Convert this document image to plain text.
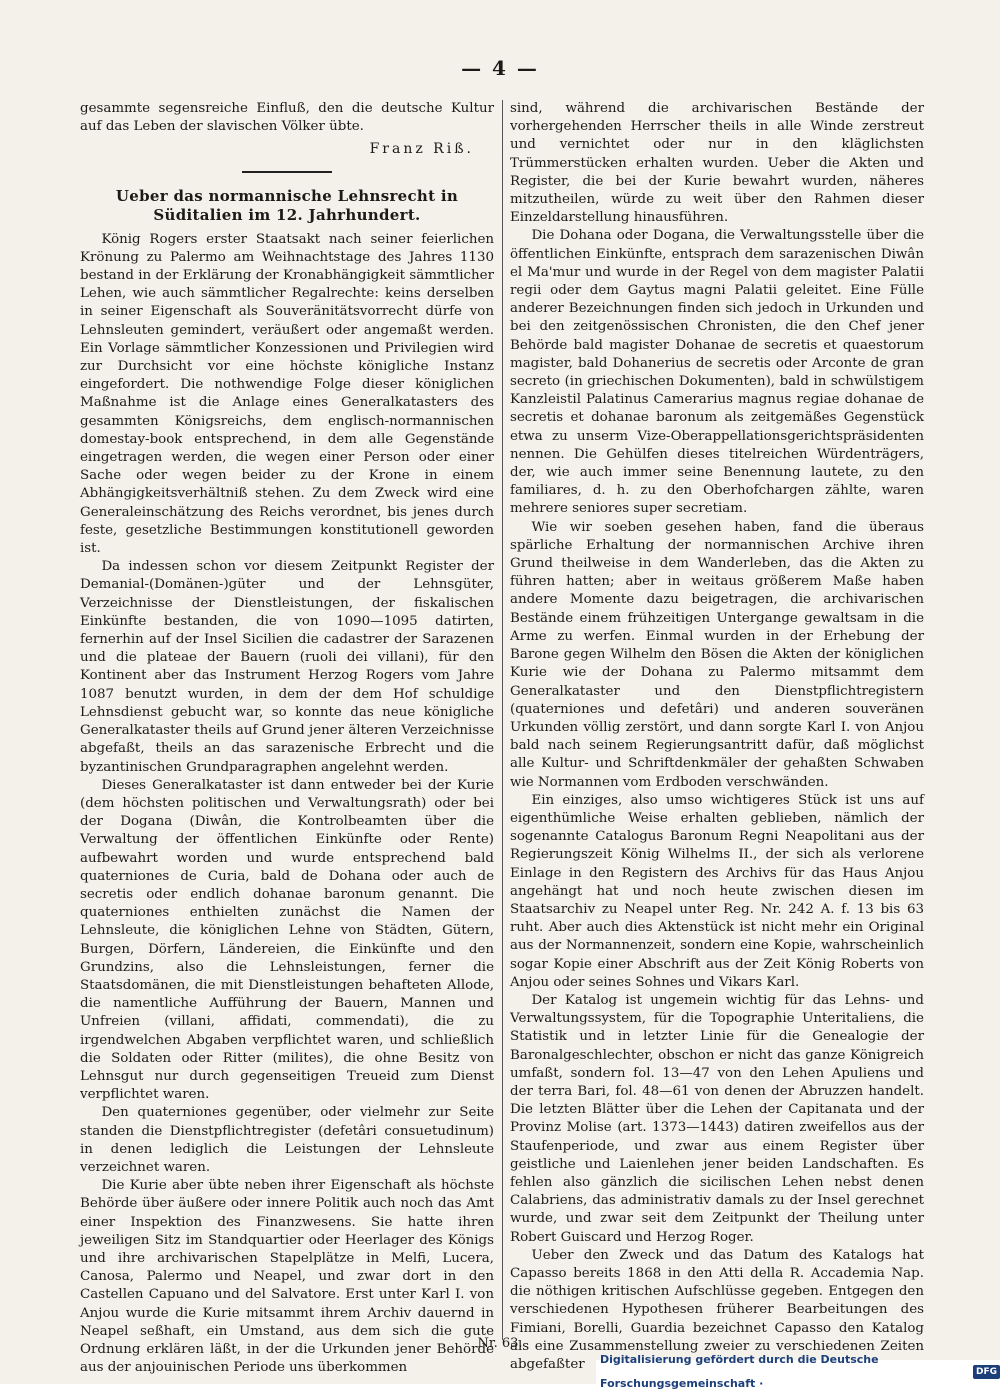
— 4 —

gesammte segensreiche Einfluß, den die deutsche Kultur auf das Leben der slavischen Völker übte.

Franz Riß.
Ueber das normannische Lehnsrecht in Süditalien im 12. Jahrhundert.

König Rogers erster Staatsakt nach seiner feierlichen Krönung zu Palermo am Weihnachtstage des Jahres 1130 bestand in der Erklärung der Kronabhängigkeit sämmtlicher Lehen, wie auch sämmtlicher Regalrechte: keins derselben in seiner Eigenschaft als Souveränitätsvorrecht dürfe von Lehnsleuten gemindert, veräußert oder angemaßt werden. Ein Vorlage sämmtlicher Konzessionen und Privilegien wird zur Durchsicht vor eine höchste königliche Instanz eingefordert. Die nothwendige Folge dieser königlichen Maßnahme ist die Anlage eines Generalkatasters des gesammten Königsreichs, dem englisch-normannischen domestay-book entsprechend, in dem alle Gegenstände eingetragen werden, die wegen einer Person oder einer Sache oder wegen beider zu der Krone in einem Abhängigkeitsverhältniß stehen. Zu dem Zweck wird eine Generaleinschätzung des Reichs verordnet, bis jenes durch feste, gesetzliche Bestimmungen konstitutionell geworden ist.

Da indessen schon vor diesem Zeitpunkt Register der Demanial-(Domänen-)güter und der Lehnsgüter, Verzeichnisse der Dienstleistungen, der fiskalischen Einkünfte bestanden, die von 1090—1095 datirten, fernerhin auf der Insel Sicilien die cadastrer der Sarazenen und die plateae der Bauern (ruoli dei villani), für den Kontinent aber das Instrument Herzog Rogers vom Jahre 1087 benutzt wurden, in dem der dem Hof schuldige Lehnsdienst gebucht war, so konnte das neue königliche Generalkataster theils auf Grund jener älteren Verzeichnisse abgefaßt, theils an das sarazenische Erbrecht und die byzantinischen Grundparagraphen angelehnt werden.

Dieses Generalkataster ist dann entweder bei der Kurie (dem höchsten politischen und Verwaltungsrath) oder bei der Dogana (Diwân, die Kontrolbeamten über die Verwaltung der öffentlichen Einkünfte oder Rente) aufbewahrt worden und wurde entsprechend bald quaterniones de Curia, bald de Dohana oder auch de secretis oder endlich dohanae baronum genannt. Die quaterniones enthielten zunächst die Namen der Lehnsleute, die königlichen Lehne von Städten, Gütern, Burgen, Dörfern, Ländereien, die Einkünfte und den Grundzins, also die Lehnsleistungen, ferner die Staatsdomänen, die mit Dienstleistungen behafteten Allode, die namentliche Aufführung der Bauern, Mannen und Unfreien (villani, affidati, commendati), die zu irgendwelchen Abgaben verpflichtet waren, und schließlich die Soldaten oder Ritter (milites), die ohne Besitz von Lehnsgut nur durch gegenseitigen Treueid zum Dienst verpflichtet waren.

Den quaterniones gegenüber, oder vielmehr zur Seite standen die Dienstpflichtregister (defetâri consuetudinum) in denen lediglich die Leistungen der Lehnsleute verzeichnet waren.

Die Kurie aber übte neben ihrer Eigenschaft als höchste Behörde über äußere oder innere Politik auch noch das Amt einer Inspektion des Finanzwesens. Sie hatte ihren jeweiligen Sitz im Standquartier oder Heerlager des Königs und ihre archivarischen Stapelplätze in Melfi, Lucera, Canosa, Palermo und Neapel, und zwar dort in den Castellen Capuano und del Salvatore. Erst unter Karl I. von Anjou wurde die Kurie mitsammt ihrem Archiv dauernd in Neapel seßhaft, ein Umstand, aus dem sich die gute Ordnung erklären läßt, in der die Urkunden jener Behörde aus der anjouinischen Periode uns überkommen

sind, während die archivarischen Bestände der vorhergehenden Herrscher theils in alle Winde zerstreut und vernichtet oder nur in den kläglichsten Trümmerstücken erhalten wurden. Ueber die Akten und Register, die bei der Kurie bewahrt wurden, näheres mitzutheilen, würde zu weit über den Rahmen dieser Einzeldarstellung hinausführen.

Die Dohana oder Dogana, die Verwaltungsstelle über die öffentlichen Einkünfte, entsprach dem sarazenischen Diwân el Ma'mur und wurde in der Regel von dem magister Palatii regii oder dem Gaytus magni Palatii geleitet. Eine Fülle anderer Bezeichnungen finden sich jedoch in Urkunden und bei den zeitgenössischen Chronisten, die den Chef jener Behörde bald magister Dohanae de secretis et quaestorum magister, bald Dohanerius de secretis oder Arconte de gran secreto (in griechischen Dokumenten), bald in schwülstigem Kanzleistil Palatinus Camerarius magnus regiae dohanae de secretis et dohanae baronum als zeitgemäßes Gegenstück etwa zu unserm Vize-Oberappellationsgerichtspräsidenten nennen. Die Gehülfen dieses titelreichen Würdenträgers, der, wie auch immer seine Benennung lautete, zu den familiares, d. h. zu den Oberhofchargen zählte, waren mehrere seniores super secretiam.

Wie wir soeben gesehen haben, fand die überaus spärliche Erhaltung der normannischen Archive ihren Grund theilweise in dem Wanderleben, das die Akten zu führen hatten; aber in weitaus größerem Maße haben andere Momente dazu beigetragen, die archivarischen Bestände einem frühzeitigen Untergange gewaltsam in die Arme zu werfen. Einmal wurden in der Erhebung der Barone gegen Wilhelm den Bösen die Akten der königlichen Kurie wie der Dohana zu Palermo mitsammt dem Generalkataster und den Dienstpflichtregistern (quaterniones und defetâri) und anderen souveränen Urkunden völlig zerstört, und dann sorgte Karl I. von Anjou bald nach seinem Regierungsantritt dafür, daß möglichst alle Kultur- und Schriftdenkmäler der gehaßten Schwaben wie Normannen vom Erdboden verschwänden.

Ein einziges, also umso wichtigeres Stück ist uns auf eigenthümliche Weise erhalten geblieben, nämlich der sogenannte Catalogus Baronum Regni Neapolitani aus der Regierungszeit König Wilhelms II., der sich als verlorene Einlage in den Registern des Archivs für das Haus Anjou angehängt hat und noch heute zwischen diesen im Staatsarchiv zu Neapel unter Reg. Nr. 242 A. f. 13 bis 63 ruht. Aber auch dies Aktenstück ist nicht mehr ein Original aus der Normannenzeit, sondern eine Kopie, wahrscheinlich sogar Kopie einer Abschrift aus der Zeit König Roberts von Anjou oder seines Sohnes und Vikars Karl.

Der Katalog ist ungemein wichtig für das Lehns- und Verwaltungssystem, für die Topographie Unteritaliens, die Statistik und in letzter Linie für die Genealogie der Baronalgeschlechter, obschon er nicht das ganze Königreich umfaßt, sondern fol. 13—47 von den Lehen Apuliens und der terra Bari, fol. 48—61 von denen der Abruzzen handelt. Die letzten Blätter über die Lehen der Capitanata und der Provinz Molise (art. 1373—1443) datiren zweifellos aus der Staufenperiode, und zwar aus einem Register über geistliche und Laienlehen jener beiden Landschaften. Es fehlen also gänzlich die sicilischen Lehen nebst denen Calabriens, das administrativ damals zu der Insel gerechnet wurde, und zwar seit dem Zeitpunkt der Theilung unter Robert Guiscard und Herzog Roger.

Ueber den Zweck und das Datum des Katalogs hat Capasso bereits 1868 in den Atti della R. Accademia Nap. die nöthigen kritischen Aufschlüsse gegeben. Entgegen den verschiedenen Hypothesen früherer Bearbeitungen des Fimiani, Borelli, Guardia bezeichnet Capasso den Katalog als eine Zusammenstellung zweier zu verschiedenen Zeiten abgefaßter

Nr. 63.
Digitalisierung gefördert durch die Deutsche Forschungsgemeinschaft ·
DFG
